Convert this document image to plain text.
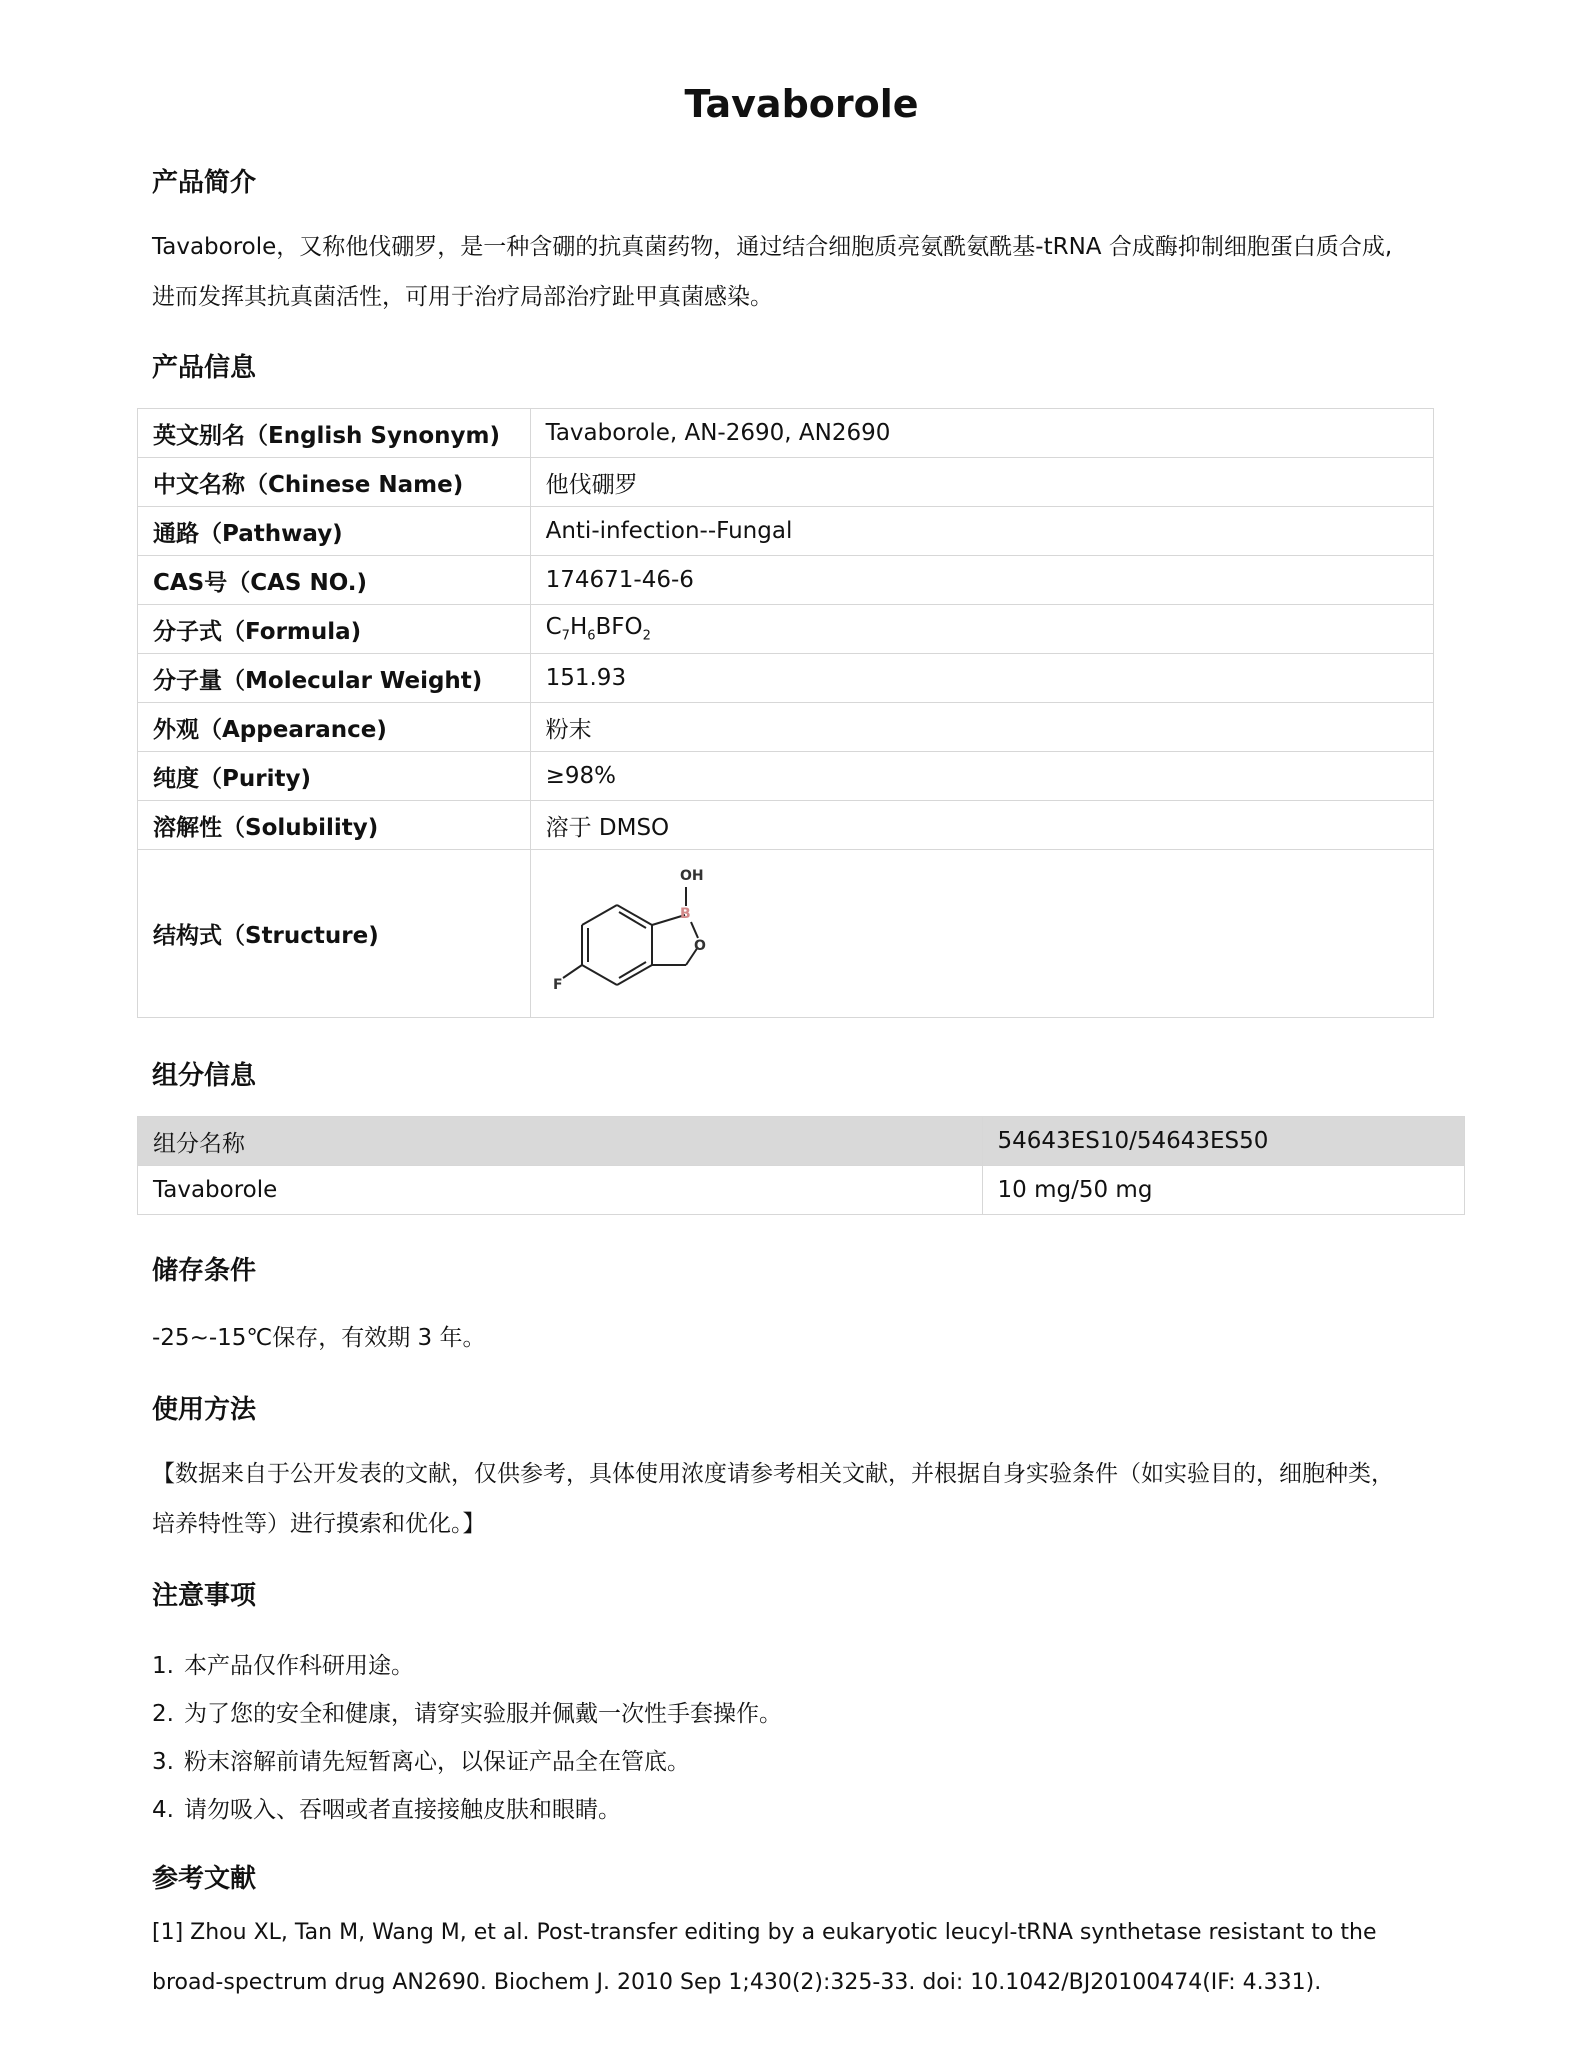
Tavaborole
产品简介

Tavaborole，又称他伐硼罗，是一种含硼的抗真菌药物，通过结合细胞质亮氨酰氨酰基-tRNA 合成酶抑制细胞蛋白质合成,

进而发挥其抗真菌活性，可用于治疗局部治疗趾甲真菌感染。

产品信息
英文别名（English Synonym)	Tavaborole, AN-2690, AN2690
中文名称（Chinese Name)	他伐硼罗
通路（Pathway)	Anti-infection--Fungal
CAS号（CAS NO.)	174671-46-6
分子式（Formula)	$C_7H_6BFO_2$
分子量（Molecular Weight)	151.93
外观（Appearance)	粉末
纯度（Purity)	≥98%
溶解性（Solubility)	溶于 DMSO
结构式（Structure)	OH
B
O
F
组分信息
组分名称	54643ES10/54643ES50
Tavaborole	10 mg/50 mg
储存条件

-25~-15℃保存，有效期 3 年。

使用方法

【数据来自于公开发表的文献，仅供参考，具体使用浓度请参考相关文献，并根据自身实验条件（如实验目的，细胞种类，

培养特性等）进行摸索和优化。】

注意事项
1. 本产品仅作科研用途。
2. 为了您的安全和健康，请穿实验服并佩戴一次性手套操作。
3. 粉末溶解前请先短暂离心，以保证产品全在管底。
4. 请勿吸入、吞咽或者直接接触皮肤和眼睛。
参考文献

[1] Zhou XL, Tan M, Wang M, et al. Post-transfer editing by a eukaryotic leucyl-tRNA synthetase resistant to the

broad-spectrum drug AN2690. Biochem J. 2010 Sep 1;430(2):325-33. doi: 10.1042/BJ20100474(IF: 4.331).
